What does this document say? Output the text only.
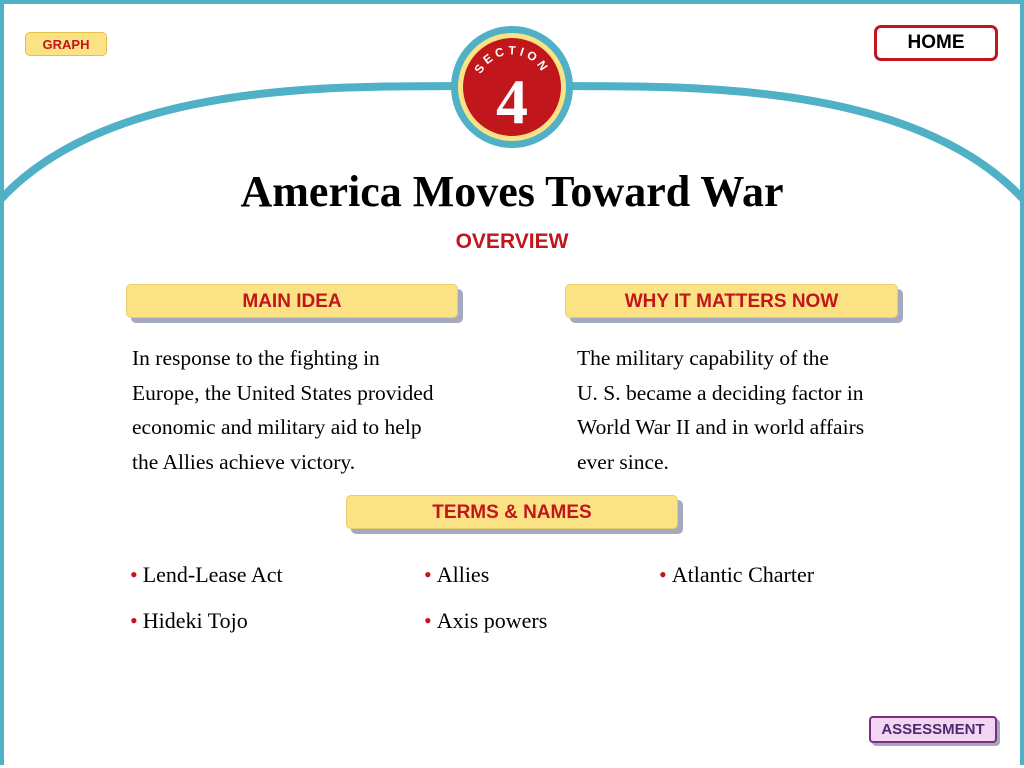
GRAPH	HOME
SECTION
4
America Moves Toward War
OVERVIEW
MAIN IDEA	WHY IT MATTERS NOW
In response to the fighting in
Europe, the United States provided
economic and military aid to help
the Allies achieve victory.
The military capability of the
U. S. became a deciding factor in
World War II and in world affairs
ever since.
TERMS & NAMES
• Lend-Lease Act	• Allies	• Atlantic Charter
• Hideki Tojo	• Axis powers
ASSESSMENT
